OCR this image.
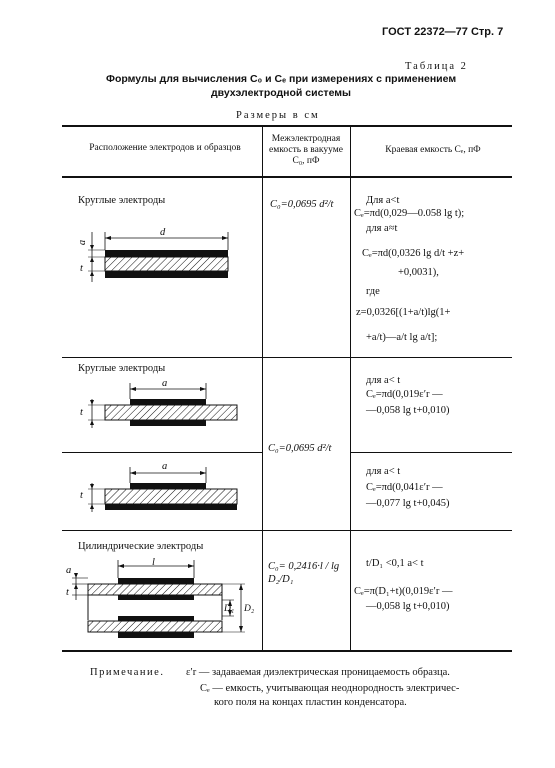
ГОСТ 22372—77 Стр. 7
Таблица 2
Формулы для вычисления C₀ и Cₑ при измерениях с применением
двухэлектродной системы
Размеры в см
Расположение электродов и образцов
Межэлектродная емкость в вакууме C₀, пФ
Краевая емкость Cₑ, пФ
Круглые электроды
d
a
t
C₀=0,0695 d²/t	Для a<t
Cₑ=πd(0,029—0.058 lg t);
для a≈t
Cₑ=πd(0,0326 lg d/t +z+
+0,0031),
где
z=0,0326[(1+a/t)lg(1+
+a/t)—a/t lg a/t];
Круглые электроды
a
t
для a< t
Cₑ=πd(0,019ε′r —
—0,058 lg t+0,010)
C₀=0,0695 d²/t
a
t
для a< t
Cₑ=πd(0,041ε′r —
—0,077 lg t+0,045)
Цилиндрические электроды
l
a
t
D₁ D₂
C₀= 0,2416·l / lg D₂/D₁
t/D₁ <0,1 a< t
Cₑ=π(D₁+t)(0,019ε′r —
—0,058 lg t+0,010)
Примечание. ε′r — задаваемая диэлектрическая проницаемость образца.
Cₑ — емкость, учитывающая неоднородность электричес-
кого поля на концах пластин конденсатора.
